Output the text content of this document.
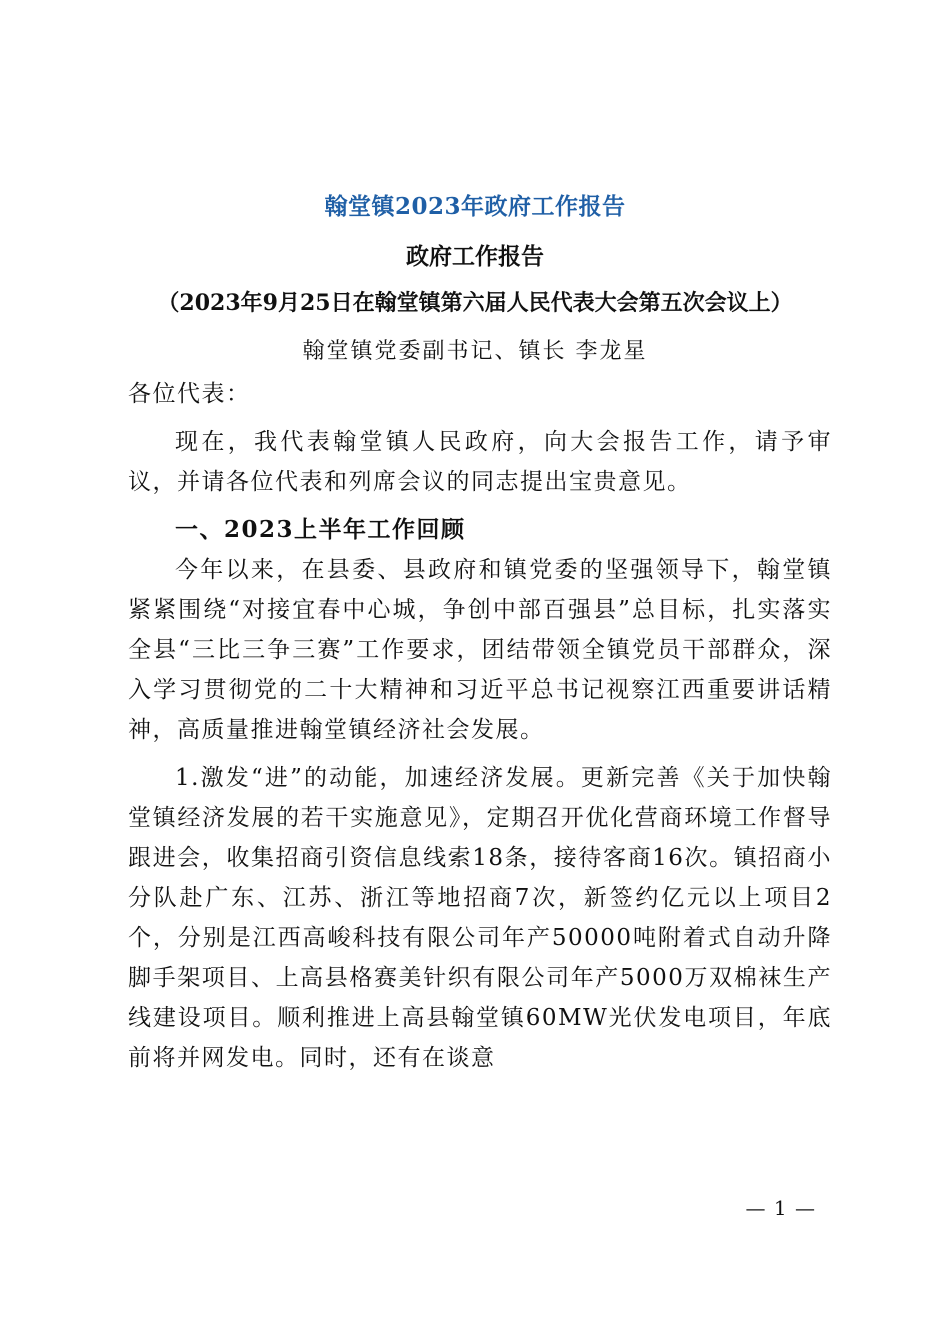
翰堂镇2023年政府工作报告
政府工作报告
（2023年9月25日在翰堂镇第六届人民代表大会第五次会议上）
翰堂镇党委副书记、镇长 李龙星

各位代表：

现在，我代表翰堂镇人民政府，向大会报告工作，请予审议，并请各位代表和列席会议的同志提出宝贵意见。

一、2023上半年工作回顾

今年以来，在县委、县政府和镇党委的坚强领导下，翰堂镇紧紧围绕“对接宜春中心城，争创中部百强县”总目标，扎实落实全县“三比三争三赛”工作要求，团结带领全镇党员干部群众，深入学习贯彻党的二十大精神和习近平总书记视察江西重要讲话精神，高质量推进翰堂镇经济社会发展。

1.激发“进”的动能，加速经济发展。更新完善《关于加快翰堂镇经济发展的若干实施意见》，定期召开优化营商环境工作督导跟进会，收集招商引资信息线索18条，接待客商16次。镇招商小分队赴广东、江苏、浙江等地招商7次，新签约亿元以上项目2个，分别是江西高峻科技有限公司年产50000吨附着式自动升降脚手架项目、上高县格赛美针织有限公司年产5000万双棉袜生产线建设项目。顺利推进上高县翰堂镇60MW光伏发电项目，年底前将并网发电。同时，还有在谈意

— 1 —
